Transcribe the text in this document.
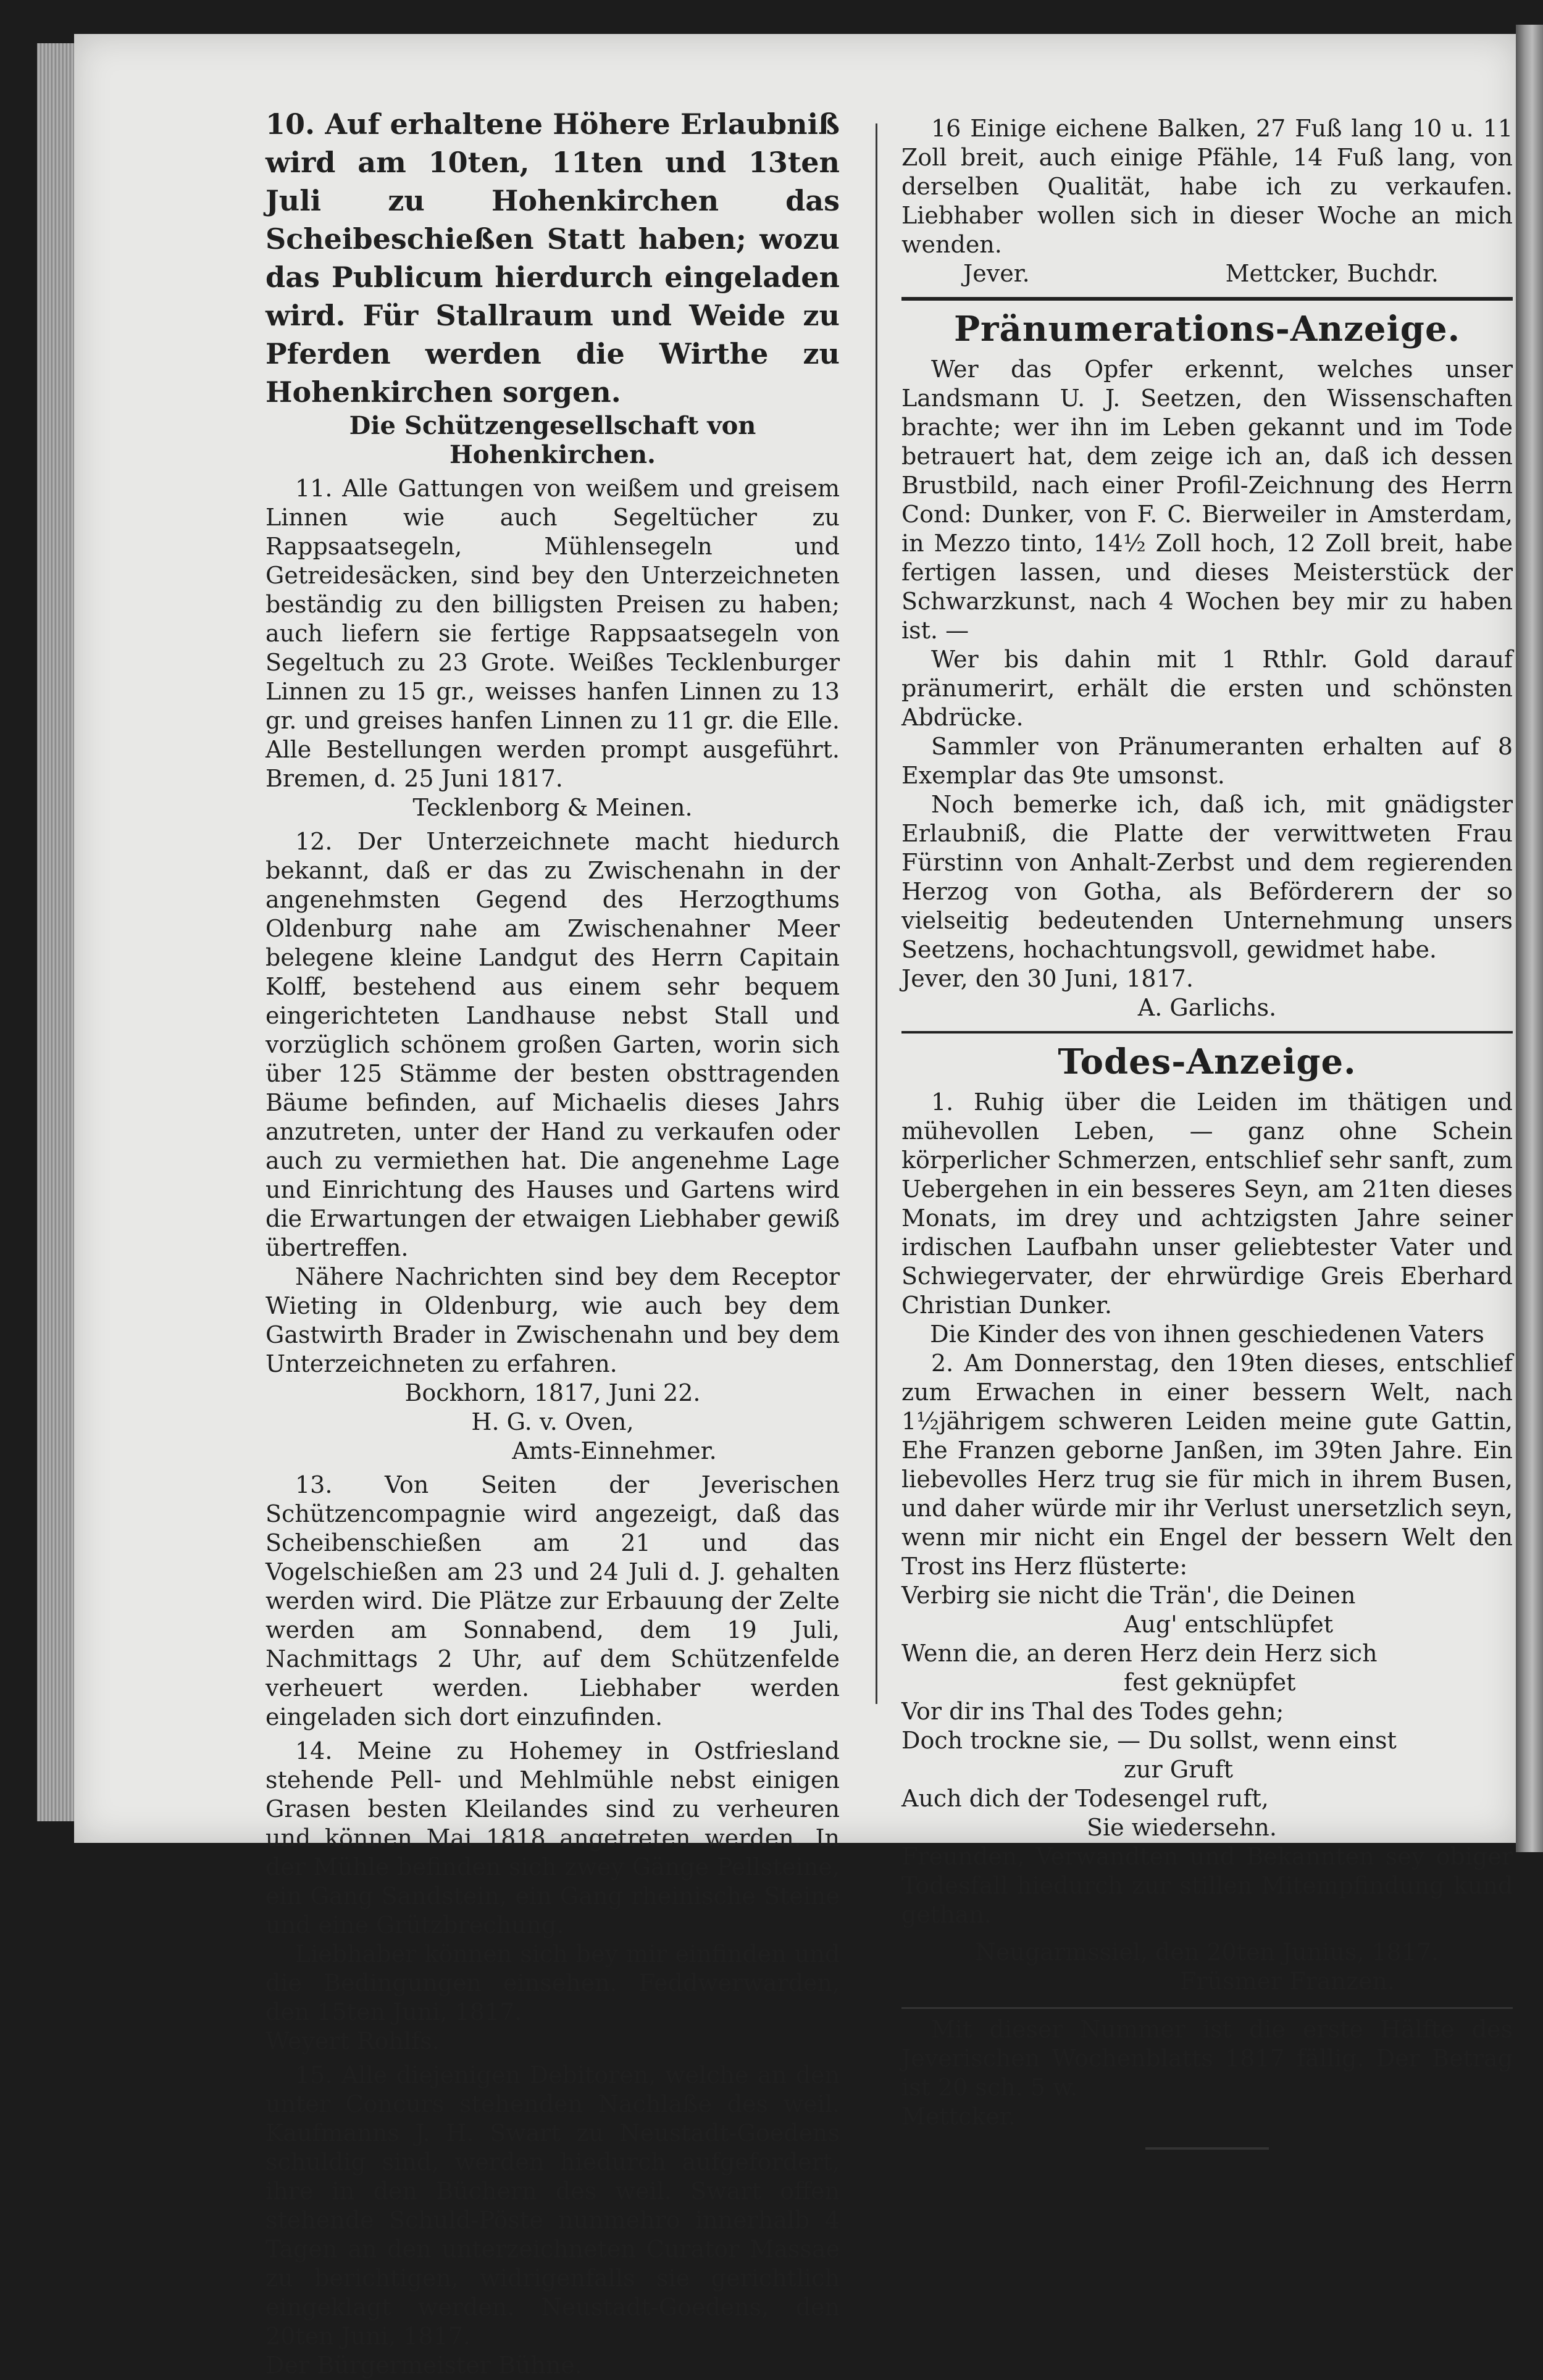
10. Auf erhaltene Höhere Erlaubniß wird am 10ten, 11ten und 13ten Juli zu Hohenkirchen das Scheibeschießen Statt haben; wozu das Publicum hierdurch eingeladen wird. Für Stallraum und Weide zu Pferden werden die Wirthe zu Hohenkirchen sorgen.

Die Schützengesellschaft von Hohenkirchen.

11. Alle Gattungen von weißem und greisem Linnen wie auch Segeltücher zu Rappsaatsegeln, Mühlensegeln und Getreidesäcken, sind bey den Unterzeichneten beständig zu den billigsten Preisen zu haben; auch liefern sie fertige Rappsaatsegeln von Segeltuch zu 23 Grote. Weißes Tecklenburger Linnen zu 15 gr., weisses hanfen Linnen zu 13 gr. und greises hanfen Linnen zu 11 gr. die Elle. Alle Bestellungen werden prompt ausgeführt. Bremen, d. 25 Juni 1817.

Tecklenborg & Meinen.

12. Der Unterzeichnete macht hiedurch bekannt, daß er das zu Zwischenahn in der angenehmsten Gegend des Herzogthums Oldenburg nahe am Zwischenahner Meer belegene kleine Landgut des Herrn Capitain Kolff, bestehend aus einem sehr bequem eingerichteten Landhause nebst Stall und vorzüglich schönem großen Garten, worin sich über 125 Stämme der besten obsttragenden Bäume befinden, auf Michaelis dieses Jahrs anzutreten, unter der Hand zu verkaufen oder auch zu vermiethen hat. Die angenehme Lage und Einrichtung des Hauses und Gartens wird die Erwartungen der etwaigen Liebhaber gewiß übertreffen.

Nähere Nachrichten sind bey dem Receptor Wieting in Oldenburg, wie auch bey dem Gastwirth Brader in Zwischenahn und bey dem Unterzeichneten zu erfahren.

Bockhorn, 1817, Juni 22.

H. G. v. Oven,

Amts-Einnehmer.

13. Von Seiten der Jeverischen Schützencompagnie wird angezeigt, daß das Scheibenschießen am 21 und das Vogelschießen am 23 und 24 Juli d. J. gehalten werden wird. Die Plätze zur Erbauung der Zelte werden am Sonnabend, dem 19 Juli, Nachmittags 2 Uhr, auf dem Schützenfelde verheuert werden. Liebhaber werden eingeladen sich dort einzufinden.

14. Meine zu Hohemey in Ostfriesland stehende Pell- und Mehlmühle nebst einigen Grasen besten Kleilandes sind zu verheuren und können Mai 1818 angetreten werden. In der Mühle befinden sich zwey Gänge Pellsteine, ein Gang Sandstein, ein Gang rheinische Steine und eine Grützbrechung.

Liebhaber können sich bey mir einfinden und die Bedingungen einsehen. Feddwerwarden, den 15ten Juni, 1817.

Weyert Rohlfs.

15. Alle diejenigen Debitoren, welche an den unter Concurs stehenden Nachlaße des weil. Kaufmanns J. H. Swart zu Neustadt-Goedens schuldig sind, werden hiedurch aufgefordert, ihre in den Büchern des weil. Swart offen stehende Schuld-Pöste nunmehro innerhalb 4 Tagen an den unterzeichneten Curator Massae zu berichtigen, widrigenfalls sie gerichtlich eingeklagt werden. Neustadt-Goedens, den 20ten Juni, 1817.

Der Bürgermeister Bühne.

16 Einige eichene Balken, 27 Fuß lang 10 u. 11 Zoll breit, auch einige Pfähle, 14 Fuß lang, von derselben Qualität, habe ich zu verkaufen. Liebhaber wollen sich in dieser Woche an mich wenden.

Jever.	Mettcker, Buchdr.

Pränumerations-Anzeige.

Wer das Opfer erkennt, welches unser Landsmann U. J. Seetzen, den Wissenschaften brachte; wer ihn im Leben gekannt und im Tode betrauert hat, dem zeige ich an, daß ich dessen Brustbild, nach einer Profil-Zeichnung des Herrn Cond: Dunker, von F. C. Bierweiler in Amsterdam, in Mezzo tinto, 14½ Zoll hoch, 12 Zoll breit, habe fertigen lassen, und dieses Meisterstück der Schwarzkunst, nach 4 Wochen bey mir zu haben ist. —

Wer bis dahin mit 1 Rthlr. Gold darauf pränumerirt, erhält die ersten und schönsten Abdrücke.

Sammler von Pränumeranten erhalten auf 8 Exemplar das 9te umsonst.

Noch bemerke ich, daß ich, mit gnädigster Erlaubniß, die Platte der verwittweten Frau Fürstinn von Anhalt-Zerbst und dem regierenden Herzog von Gotha, als Beförderern der so vielseitig bedeutenden Unternehmung unsers Seetzens, hochachtungsvoll, gewidmet habe.

Jever, den 30 Juni, 1817.

A. Garlichs.

Todes-Anzeige.

1. Ruhig über die Leiden im thätigen und mühevollen Leben, — ganz ohne Schein körperlicher Schmerzen, entschlief sehr sanft, zum Uebergehen in ein besseres Seyn, am 21ten dieses Monats, im drey und achtzigsten Jahre seiner irdischen Laufbahn unser geliebtester Vater und Schwiegervater, der ehrwürdige Greis Eberhard Christian Dunker.

Die Kinder des von ihnen geschiedenen Vaters

2. Am Donnerstag, den 19ten dieses, entschlief zum Erwachen in einer bessern Welt, nach 1½jährigem schweren Leiden meine gute Gattin, Ehe Franzen geborne Janßen, im 39ten Jahre. Ein liebevolles Herz trug sie für mich in ihrem Busen, und daher würde mir ihr Verlust unersetzlich seyn, wenn mir nicht ein Engel der bessern Welt den Trost ins Herz flüsterte:

Verbirg sie nicht die Trän', die Deinen

Aug' entschlüpfet

Wenn die, an deren Herz dein Herz sich

fest geknüpfet

Vor dir ins Thal des Todes gehn;

Doch trockne sie, — Du sollst, wenn einst

zur Gruft

Auch dich der Todesengel ruft,

Sie wiedersehn.

Freunden, Verwandten und Bekannten sey obiger Todesfall hiedurch zur stillen Mitempfindung kund gethan.

Neugarmssiel, den 20ten Junius, 1817.

Früsmer Franzen.

Mit dieser Nummer ist die erste Hälfte des Jeverischen Wochenblatts 1817 fällig. Der Betrag ist 20 sch. 5 w.

Mettcker.
